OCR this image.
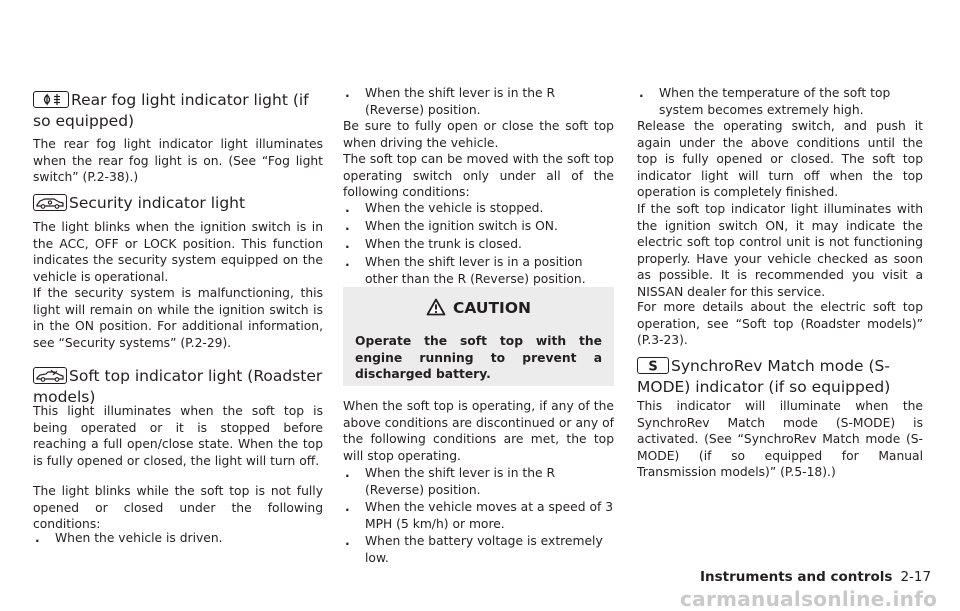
Rear fog light indicator light (if so equipped)

The rear fog light indicator light illuminates when the rear fog light is on. (See “Fog light switch” (P.2-38).)

Security indicator light

The light blinks when the ignition switch is in the ACC, OFF or LOCK position. This function indicates the security system equipped on the vehicle is operational.

If the security system is malfunctioning, this light will remain on while the ignition switch is in the ON position. For additional information, see “Security systems” (P.2-29).

Soft top indicator light (Roadster models)

This light illuminates when the soft top is being operated or it is stopped before reaching a full open/close state. When the top is fully opened or closed, the light will turn off.

The light blinks while the soft top is not fully opened or closed under the following conditions:

. When the vehicle is driven.

. When the shift lever is in the R (Reverse) position.

Be sure to fully open or close the soft top when driving the vehicle.

The soft top can be moved with the soft top operating switch only under all of the following conditions:

. When the vehicle is stopped.

. When the ignition switch is ON.

. When the trunk is closed.

. When the shift lever is in a position other than the R (Reverse) position.

CAUTION

Operate the soft top with the engine running to prevent a discharged battery.

When the soft top is operating, if any of the above conditions are discontinued or any of the following conditions are met, the top will stop operating.

. When the shift lever is in the R (Reverse) position.

. When the vehicle moves at a speed of 3 MPH (5 km/h) or more.

. When the battery voltage is extremely low.

. When the temperature of the soft top system becomes extremely high.

Release the operating switch, and push it again under the above conditions until the top is fully opened or closed. The soft top indicator light will turn off when the top operation is completely finished.

If the soft top indicator light illuminates with the ignition switch ON, it may indicate the electric soft top control unit is not functioning properly. Have your vehicle checked as soon as possible. It is recommended you visit a NISSAN dealer for this service.

For more details about the electric soft top operation, see “Soft top (Roadster models)” (P.3-23).

S SynchroRev Match mode (S-MODE) indicator (if so equipped)

This indicator will illuminate when the SynchroRev Match mode (S-MODE) is activated. (See “SynchroRev Match mode (S-MODE) (if so equipped for Manual Transmission models)” (P.5-18).)

Instruments and controls 2-17
carmanualsonline.info
